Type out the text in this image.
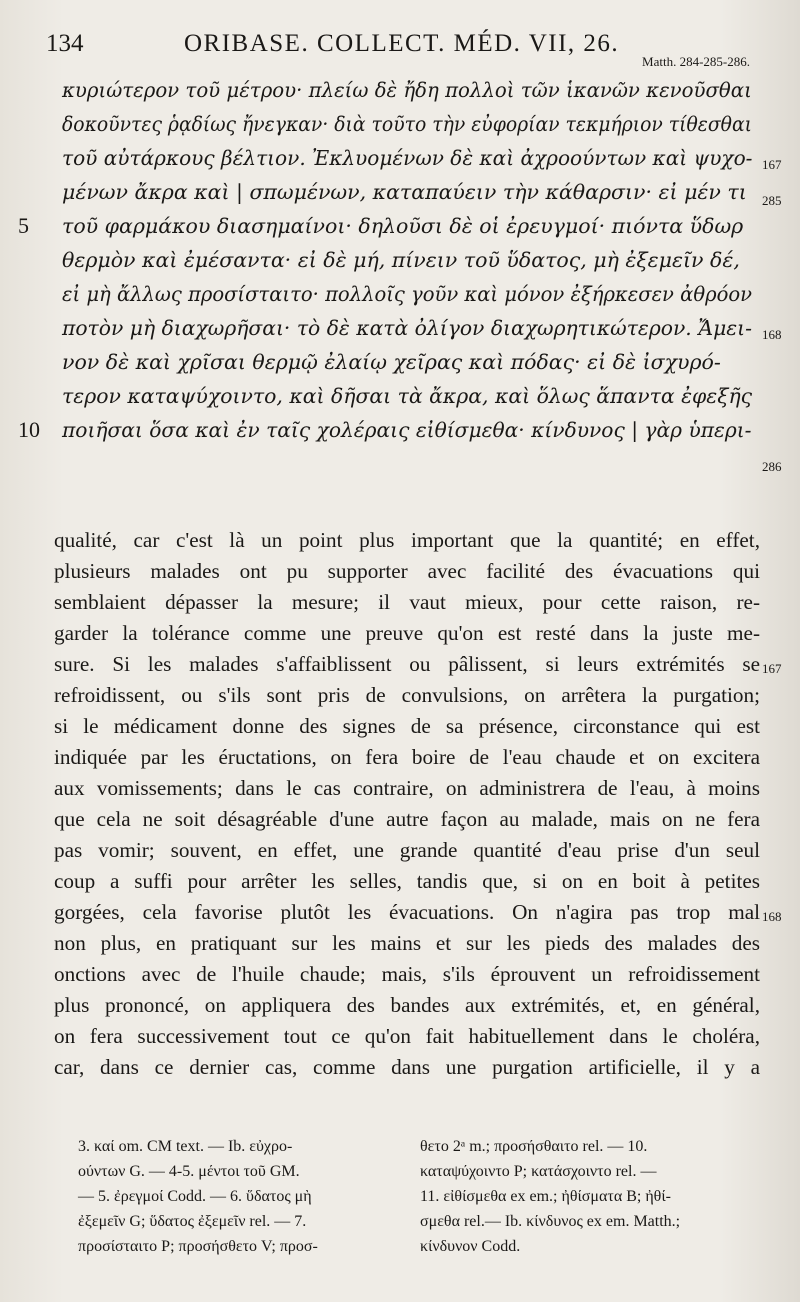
134	ORIBASE. COLLECT. MÉD. VII, 26.
Matth. 284-285-286.
κυριώτερον τοῦ μέτρου· πλείω δὲ ἤδη πολλοὶ τῶν ἱκανῶν κενοῦσθαι
δοκοῦντες ῥᾳδίως ἤνεγκαν· διὰ τοῦτο τὴν εὐφορίαν τεκμήριον τίθεσθαι
τοῦ αὐτάρκους βέλτιον. Ἐκλυομένων δὲ καὶ ἀχροούντων καὶ ψυχο-
μένων ἄκρα καὶ | σπωμένων, καταπαύειν τὴν κάθαρσιν· εἰ μέν τι
τοῦ φαρμάκου διασημαίνοι· δηλοῦσι δὲ οἱ ἐρευγμοί· πιόντα ὕδωρ
θερμὸν καὶ ἐμέσαντα· εἰ δὲ μή, πίνειν τοῦ ὕδατος, μὴ ἐξεμεῖν δέ,
εἰ μὴ ἄλλως προσίσταιτο· πολλοῖς γοῦν καὶ μόνον ἐξήρκεσεν ἀθρόον
ποτὸν μὴ διαχωρῆσαι· τὸ δὲ κατὰ ὀλίγον διαχωρητικώτερον. Ἄμει-
νον δὲ καὶ χρῖσαι θερμῷ ἐλαίῳ χεῖρας καὶ πόδας· εἰ δὲ ἰσχυρό-
τερον καταψύχοιντο, καὶ δῆσαι τὰ ἄκρα, καὶ ὅλως ἅπαντα ἐφεξῆς
ποιῆσαι ὅσα καὶ ἐν ταῖς χολέραις εἰθίσμεθα· κίνδυνος | γὰρ ὑπερι-
5
10
167
285
168
286
qualité, car c'est là un point plus important que la quantité; en effet,
plusieurs malades ont pu supporter avec facilité des évacuations qui
semblaient dépasser la mesure; il vaut mieux, pour cette raison, re-
garder la tolérance comme une preuve qu'on est resté dans la juste me-
sure. Si les malades s'affaiblissent ou pâlissent, si leurs extrémités se
refroidissent, ou s'ils sont pris de convulsions, on arrêtera la purgation;
si le médicament donne des signes de sa présence, circonstance qui est
indiquée par les éructations, on fera boire de l'eau chaude et on excitera
aux vomissements; dans le cas contraire, on administrera de l'eau, à moins
que cela ne soit désagréable d'une autre façon au malade, mais on ne fera
pas vomir; souvent, en effet, une grande quantité d'eau prise d'un seul
coup a suffi pour arrêter les selles, tandis que, si on en boit à petites
gorgées, cela favorise plutôt les évacuations. On n'agira pas trop mal
non plus, en pratiquant sur les mains et sur les pieds des malades des
onctions avec de l'huile chaude; mais, s'ils éprouvent un refroidissement
plus prononcé, on appliquera des bandes aux extrémités, et, en général,
on fera successivement tout ce qu'on fait habituellement dans le choléra,
car, dans ce dernier cas, comme dans une purgation artificielle, il y a
167
168
3. καί om. CM text. — Ib. εὐχρο-
ούντων G. — 4-5. μέντοι τοῦ GM.
— 5. ἐρεγμοί Codd. — 6. ὕδατος μὴ
ἐξεμεῖν G; ὕδατος ἐξεμεῖν rel. — 7.
προσίσταιτο P; προσήσθετο V; προσ-
θετο 2ᵃ m.; προσήσθαιτο rel. — 10.
καταψύχοιντο P; κατάσχοιντο rel. —
11. εἰθίσμεθα ex em.; ἠθίσματα B; ἠθί-
σμεθα rel.— Ib. κίνδυνος ex em. Matth.;
κίνδυνον Codd.
